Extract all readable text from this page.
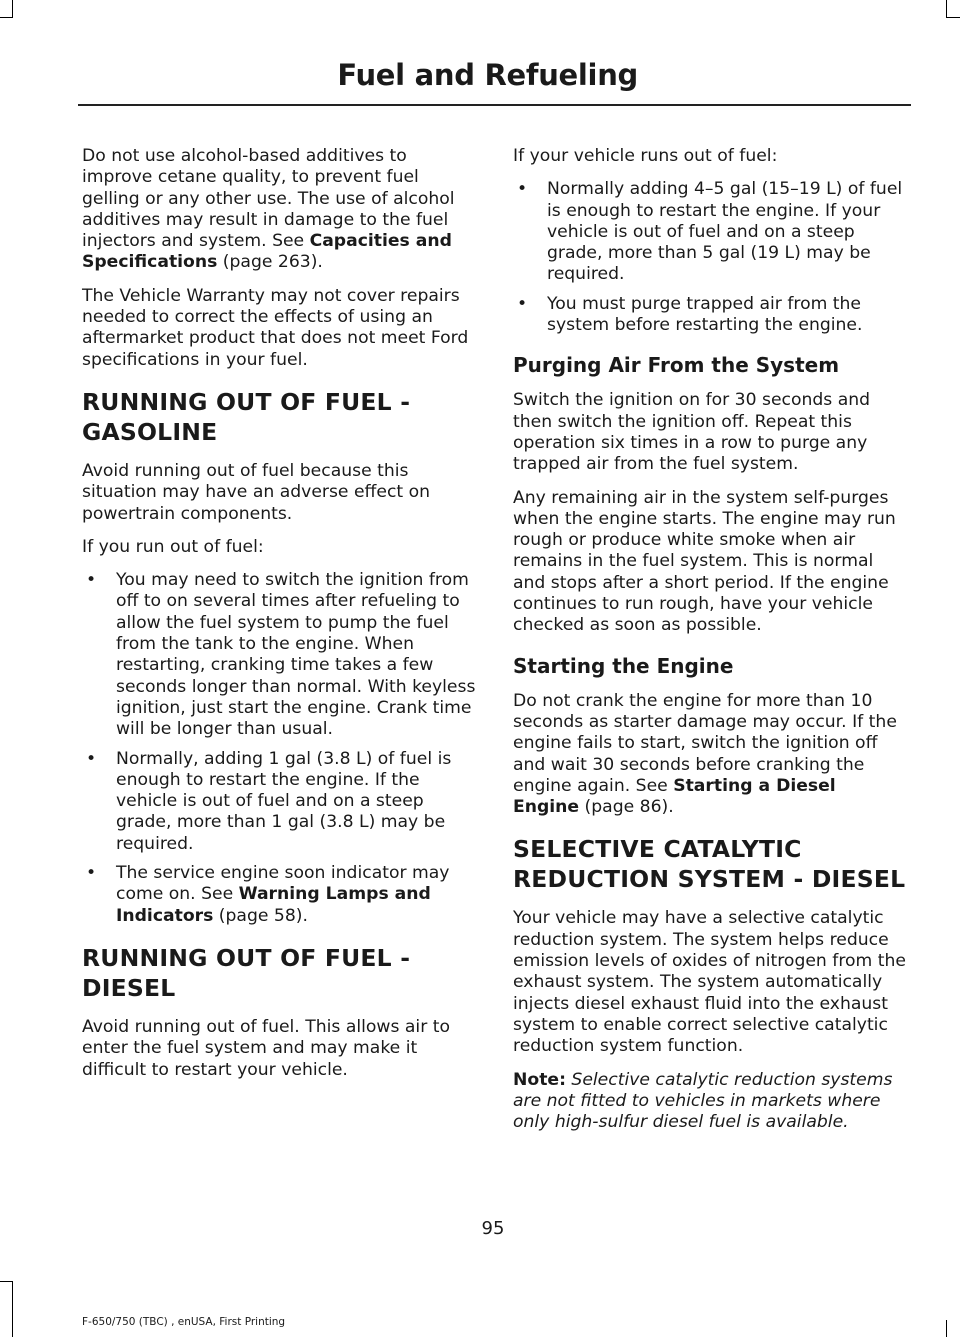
Fuel and Refueling

Do not use alcohol-based additives to improve cetane quality, to prevent fuel gelling or any other use. The use of alcohol additives may result in damage to the fuel injectors and system. See Capacities and Specifications (page 263).

The Vehicle Warranty may not cover repairs needed to correct the effects of using an aftermarket product that does not meet Ford specifications in your fuel.

RUNNING OUT OF FUEL -
GASOLINE

Avoid running out of fuel because this situation may have an adverse effect on powertrain components.

If you run out of fuel:

• You may need to switch the ignition from off to on several times after refueling to allow the fuel system to pump the fuel from the tank to the engine. When restarting, cranking time takes a few seconds longer than normal. With keyless ignition, just start the engine. Crank time will be longer than usual.
• Normally, adding 1 gal (3.8 L) of fuel is enough to restart the engine. If the vehicle is out of fuel and on a steep grade, more than 1 gal (3.8 L) may be required.
• The service engine soon indicator may come on. See Warning Lamps and Indicators (page 58).
RUNNING OUT OF FUEL -
DIESEL

Avoid running out of fuel. This allows air to enter the fuel system and may make it difficult to restart your vehicle.

If your vehicle runs out of fuel:

• Normally adding 4–5 gal (15–19 L) of fuel is enough to restart the engine. If your vehicle is out of fuel and on a steep grade, more than 5 gal (19 L) may be required.
• You must purge trapped air from the system before restarting the engine.
Purging Air From the System

Switch the ignition on for 30 seconds and then switch the ignition off. Repeat this operation six times in a row to purge any trapped air from the fuel system.

Any remaining air in the system self-purges when the engine starts. The engine may run rough or produce white smoke when air remains in the fuel system. This is normal and stops after a short period. If the engine continues to run rough, have your vehicle checked as soon as possible.

Starting the Engine

Do not crank the engine for more than 10 seconds as starter damage may occur. If the engine fails to start, switch the ignition off and wait 30 seconds before cranking the engine again. See Starting a Diesel Engine (page 86).

SELECTIVE CATALYTIC
REDUCTION SYSTEM - DIESEL

Your vehicle may have a selective catalytic reduction system. The system helps reduce emission levels of oxides of nitrogen from the exhaust system. The system automatically injects diesel exhaust fluid into the exhaust system to enable correct selective catalytic reduction system function.

Note: Selective catalytic reduction systems are not fitted to vehicles in markets where only high-sulfur diesel fuel is available.

95
F-650/750 (TBC) , enUSA, First Printing
